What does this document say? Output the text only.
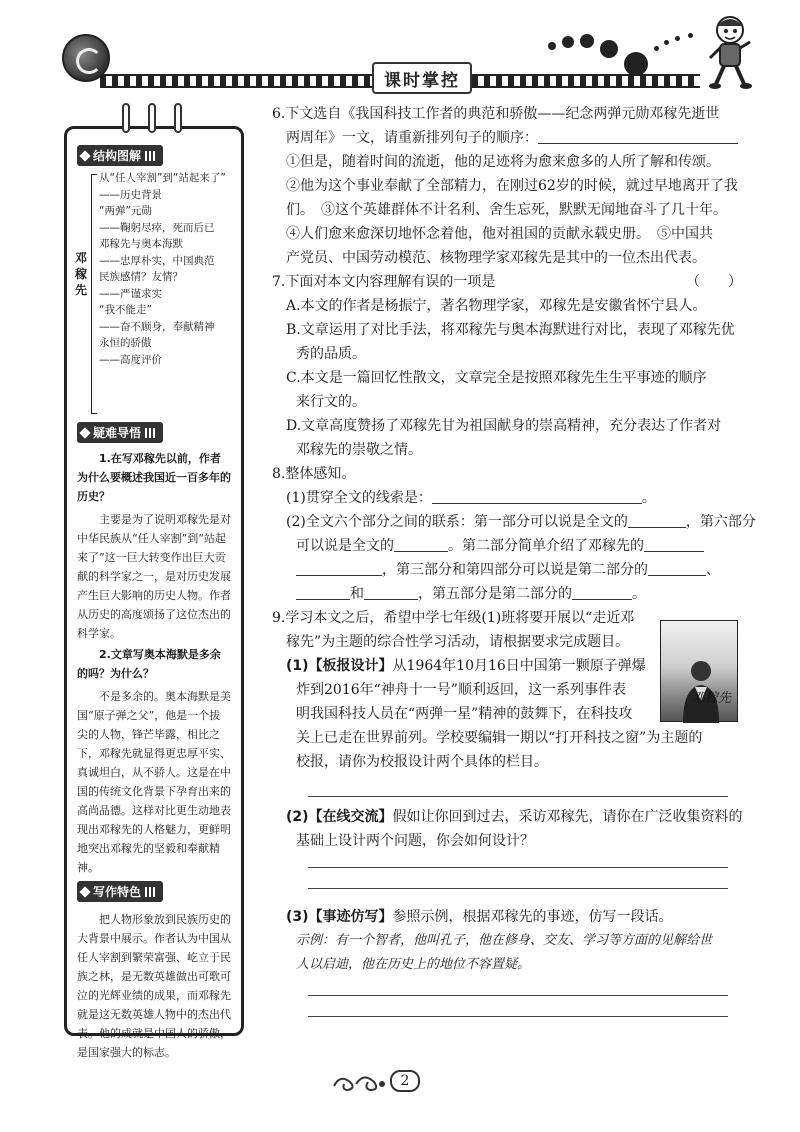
课时掌控
结构图解
邓稼先
从“任人宰割”到“站起来了”
——历史背景
“两弹”元勋
——鞠躬尽瘁，死而后已
邓稼先与奥本海默
——忠厚朴实，中国典范
民族感情？友情？
——严谨求实
“我不能走”
——奋不顾身，奉献精神
永恒的骄傲
——高度评价
疑难导悟
1.在写邓稼先以前，作者为什么要概述我国近一百多年的历史？
主要是为了说明邓稼先是对中华民族从“任人宰割”到“站起来了”这一巨大转变作出巨大贡献的科学家之一，是对历史发展产生巨大影响的历史人物。作者从历史的高度颂扬了这位杰出的科学家。
2.文章写奥本海默是多余的吗？为什么？
不是多余的。奥本海默是美国“原子弹之父”，他是一个拔尖的人物，锋芒毕露，相比之下，邓稼先就显得更忠厚平实、真诚坦白，从不骄人。这是在中国的传统文化背景下孕育出来的高尚品德。这样对比更生动地表现出邓稼先的人格魅力，更鲜明地突出邓稼先的坚毅和奉献精神。
写作特色
把人物形象放到民族历史的大背景中展示。作者认为中国从任人宰割到繁荣富强、屹立于民族之林，是无数英雄做出可歌可泣的光辉业绩的成果，而邓稼先就是这无数英雄人物中的杰出代表。他的成就是中国人的骄傲，是国家强大的标志。
6.下文选自《我国科技工作者的典范和骄傲——纪念两弹元勋邓稼先逝世
两周年》一文，请重新排列句子的顺序：
①但是，随着时间的流逝，他的足迹将为愈来愈多的人所了解和传颂。
②他为这个事业奉献了全部精力，在刚过62岁的时候，就过早地离开了我
们。　③这个英雄群体不计名利、舍生忘死，默默无闻地奋斗了几十年。
④人们愈来愈深切地怀念着他，他对祖国的贡献永载史册。　⑤中国共
产党员、中国劳动模范、核物理学家邓稼先是其中的一位杰出代表。
7.下面对本文内容理解有误的一项是	（　　）
A.本文的作者是杨振宁，著名物理学家，邓稼先是安徽省怀宁县人。
B.文章运用了对比手法，将邓稼先与奥本海默进行对比，表现了邓稼先优
秀的品质。
C.本文是一篇回忆性散文，文章完全是按照邓稼先生生平事迹的顺序
来行文的。
D.文章高度赞扬了邓稼先甘为祖国献身的崇高精神，充分表达了作者对
邓稼先的崇敬之情。
8.整体感知。
(1)贯穿全文的线索是：	。
(2)全文六个部分之间的联系：第一部分可以说是全文的	，第六部分
可以说是全文的	。第二部分简单介绍了邓稼先的
，第三部分和第四部分可以说是第二部分的	、
和	，第五部分是第二部分的	。
9.学习本文之后，希望中学七年级(1)班将要开展以“走近邓
稼先”为主题的综合性学习活动，请根据要求完成题目。
(1)【板报设计】从1964年10月16日中国第一颗原子弹爆
炸到2016年“神舟十一号”顺利返回，这一系列事件表
明我国科技人员在“两弹一星”精神的鼓舞下，在科技攻
关上已走在世界前列。学校要编辑一期以“打开科技之窗”为主题的
校报，请你为校报设计两个具体的栏目。
(2)【在线交流】假如让你回到过去，采访邓稼先，请你在广泛收集资料的
基础上设计两个问题，你会如何设计？
(3)【事迹仿写】参照示例，根据邓稼先的事迹，仿写一段话。
示例：有一个智者，他叫孔子，他在修身、交友、学习等方面的见解给世
人以启迪，他在历史上的地位不容置疑。
邓稼先
2
